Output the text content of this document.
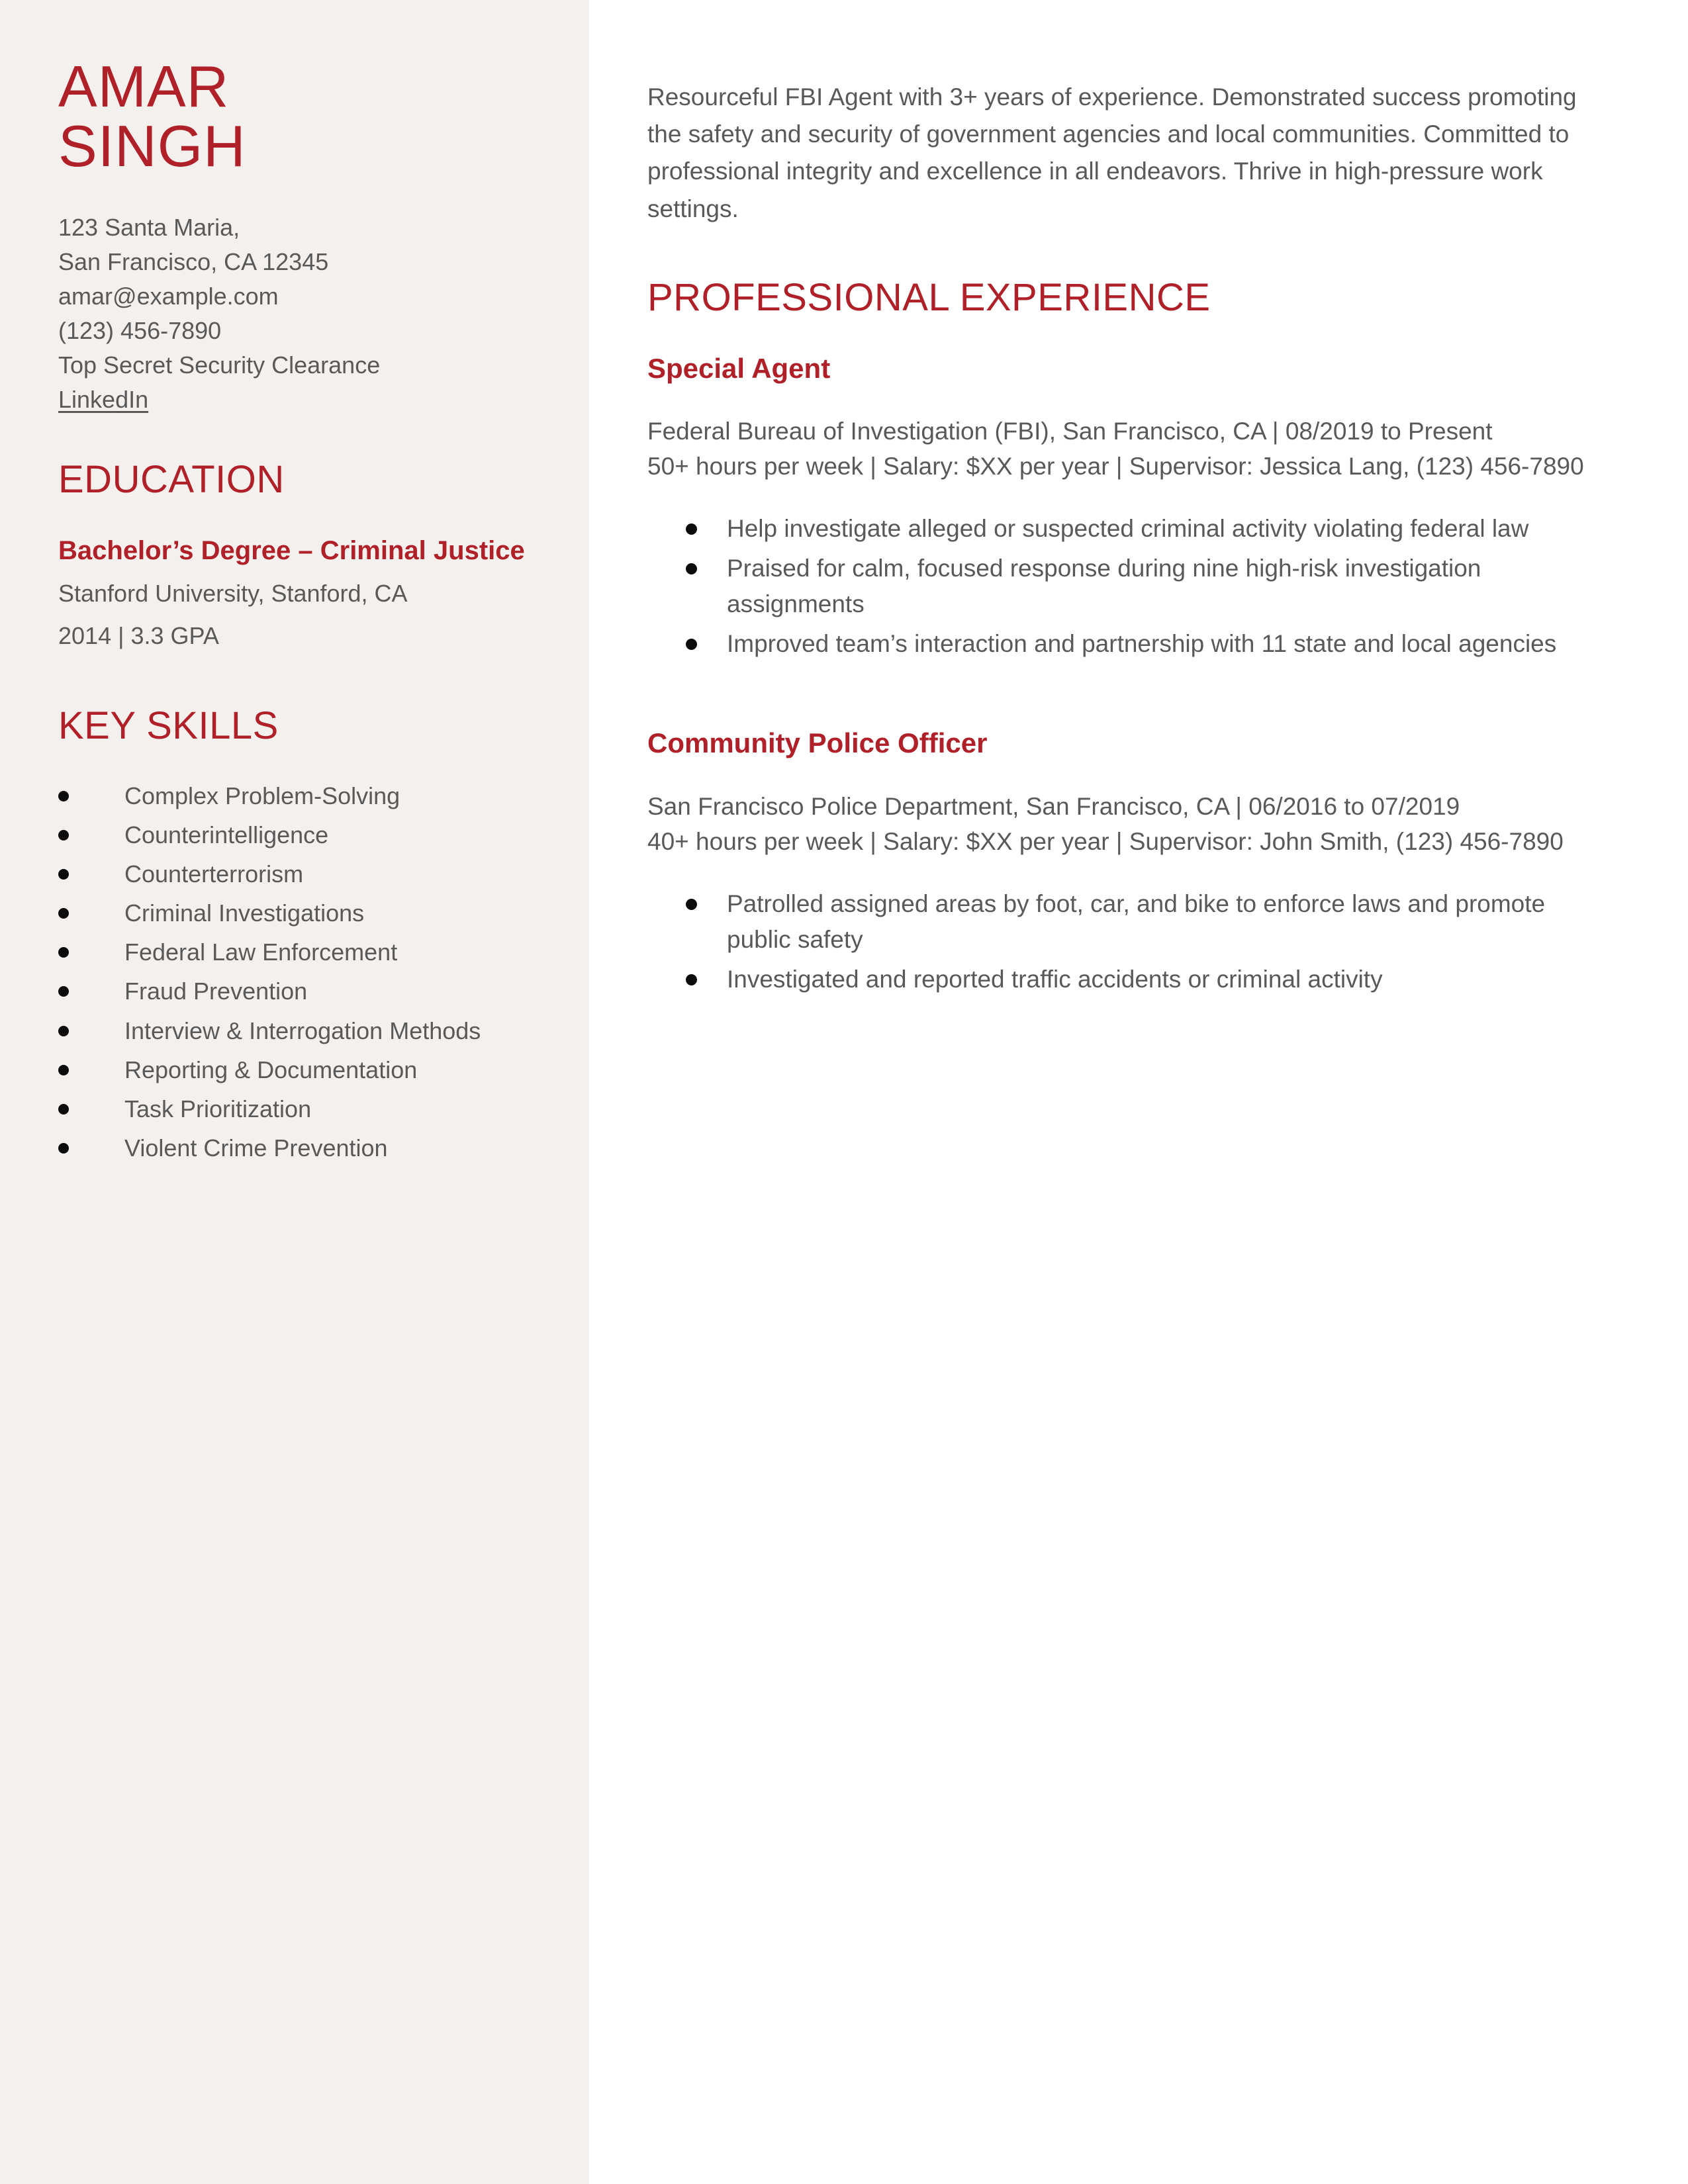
AMAR
SINGH
123 Santa Maria,
San Francisco, CA 12345
amar@example.com
(123) 456-7890
Top Secret Security Clearance
LinkedIn
EDUCATION
Bachelor’s Degree – Criminal Justice
Stanford University, Stanford, CA
2014 | 3.3 GPA
KEY SKILLS
Complex Problem-Solving
Counterintelligence
Counterterrorism
Criminal Investigations
Federal Law Enforcement
Fraud Prevention
Interview & Interrogation Methods
Reporting & Documentation
Task Prioritization
Violent Crime Prevention

Resourceful FBI Agent with 3+ years of experience. Demonstrated success promoting the safety and security of government agencies and local communities. Committed to professional integrity and excellence in all endeavors. Thrive in high-pressure work settings.

PROFESSIONAL EXPERIENCE
Special Agent
Federal Bureau of Investigation (FBI), San Francisco, CA | 08/2019 to Present
50+ hours per week | Salary: $XX per year | Supervisor: Jessica Lang, (123) 456-7890
Help investigate alleged or suspected criminal activity violating federal law
Praised for calm, focused response during nine high-risk investigation assignments
Improved team’s interaction and partnership with 11 state and local agencies
Community Police Officer
San Francisco Police Department, San Francisco, CA | 06/2016 to 07/2019
40+ hours per week | Salary: $XX per year | Supervisor: John Smith, (123) 456-7890
Patrolled assigned areas by foot, car, and bike to enforce laws and promote public safety
Investigated and reported traffic accidents or criminal activity
